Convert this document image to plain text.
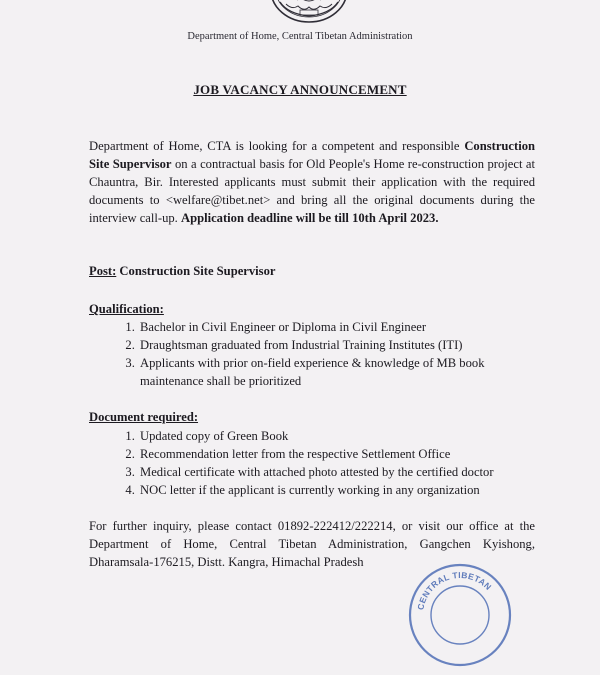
Department of Home, Central Tibetan Administration
JOB VACANCY ANNOUNCEMENT

Department of Home, CTA is looking for a competent and responsible Construction Site Supervisor on a contractual basis for Old People's Home re-construction project at Chauntra, Bir. Interested applicants must submit their application with the required documents to <welfare@tibet.net> and bring all the original documents during the interview call-up. Application deadline will be till 10th April 2023.

Post: Construction Site Supervisor
Qualification:
1. Bachelor in Civil Engineer or Diploma in Civil Engineer
2. Draughtsman graduated from Industrial Training Institutes (ITI)
3. Applicants with prior on-field experience & knowledge of MB book maintenance shall be prioritized
Document required:
1. Updated copy of Green Book
2. Recommendation letter from the respective Settlement Office
3. Medical certificate with attached photo attested by the certified doctor
4. NOC letter if the applicant is currently working in any organization

For further inquiry, please contact 01892-222412/222214, or visit our office at the Department of Home, Central Tibetan Administration, Gangchen Kyishong, Dharamsala-176215, Distt. Kangra, Himachal Pradesh

CENTRAL TIBETAN
